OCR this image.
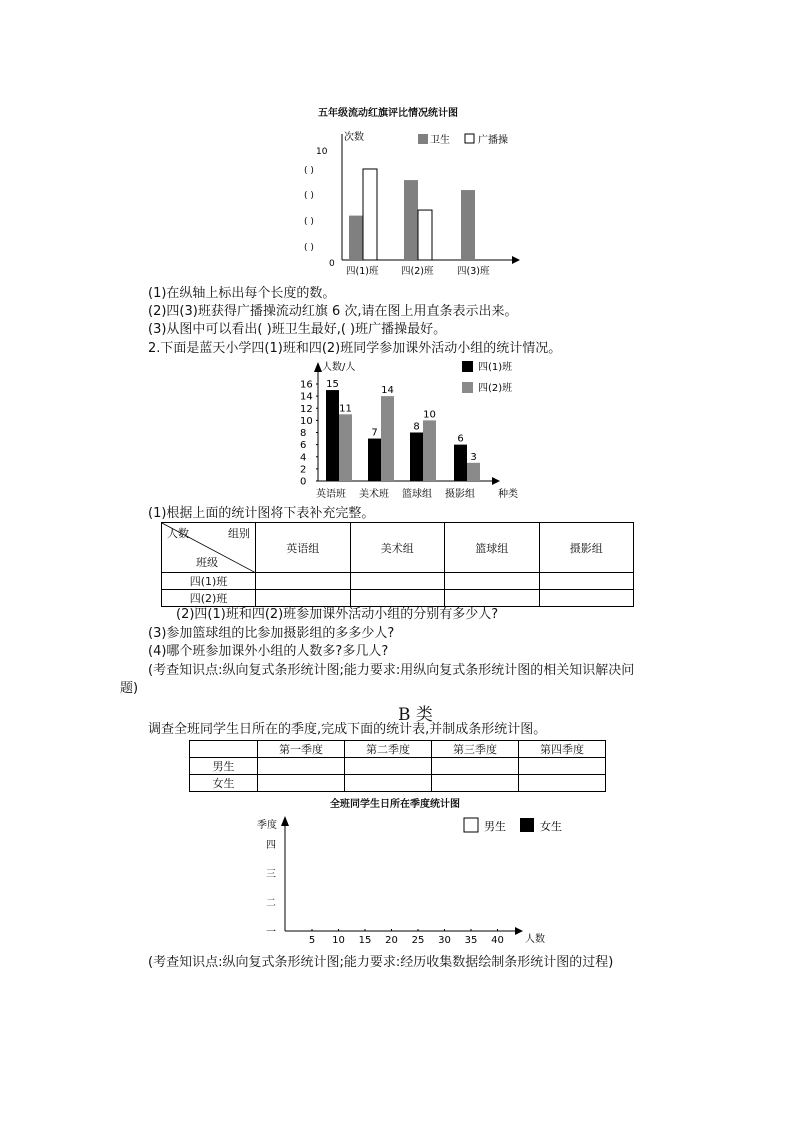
五年级流动红旗评比情况统计图
次数
10
0
( )
( )
( )
( )
卫生	广播操
四(1)班 四(2)班 四(3)班
(1)在纵轴上标出每个长度的数。
(2)四(3)班获得广播操流动红旗 6 次,请在图上用直条表示出来。
(3)从图中可以看出( )班卫生最好,( )班广播操最好。
2.下面是蓝天小学四(1)班和四(2)班同学参加课外活动小组的统计情况。
人数/人
0
2
4
6
8
10
12
14
16
四(1)班
四(2)班
15
11
7
14
8
10
6
3
英语班 美术班 篮球组 摄影组 种类
(1)根据上面的统计图将下表补充完整。
人数 组别
班级	英语组	美术组	篮球组	摄影组
四(1)班				
四(2)班				
(2)四(1)班和四(2)班参加课外活动小组的分别有多少人?
(3)参加篮球组的比参加摄影组的多多少人?
(4)哪个班参加课外小组的人数多?多几人?
(考查知识点:纵向复式条形统计图;能力要求:用纵向复式条形统计图的相关知识解决问
题)
B 类
调查全班同学生日所在的季度,完成下面的统计表,并制成条形统计图。
	第一季度	第二季度	第三季度	第四季度
男生				
女生				
全班同学生日所在季度统计图
季度
人数
一
二
三
四
5 10 15 20 25 30 35 40
男生	女生
(考查知识点:纵向复式条形统计图;能力要求:经历收集数据绘制条形统计图的过程)
